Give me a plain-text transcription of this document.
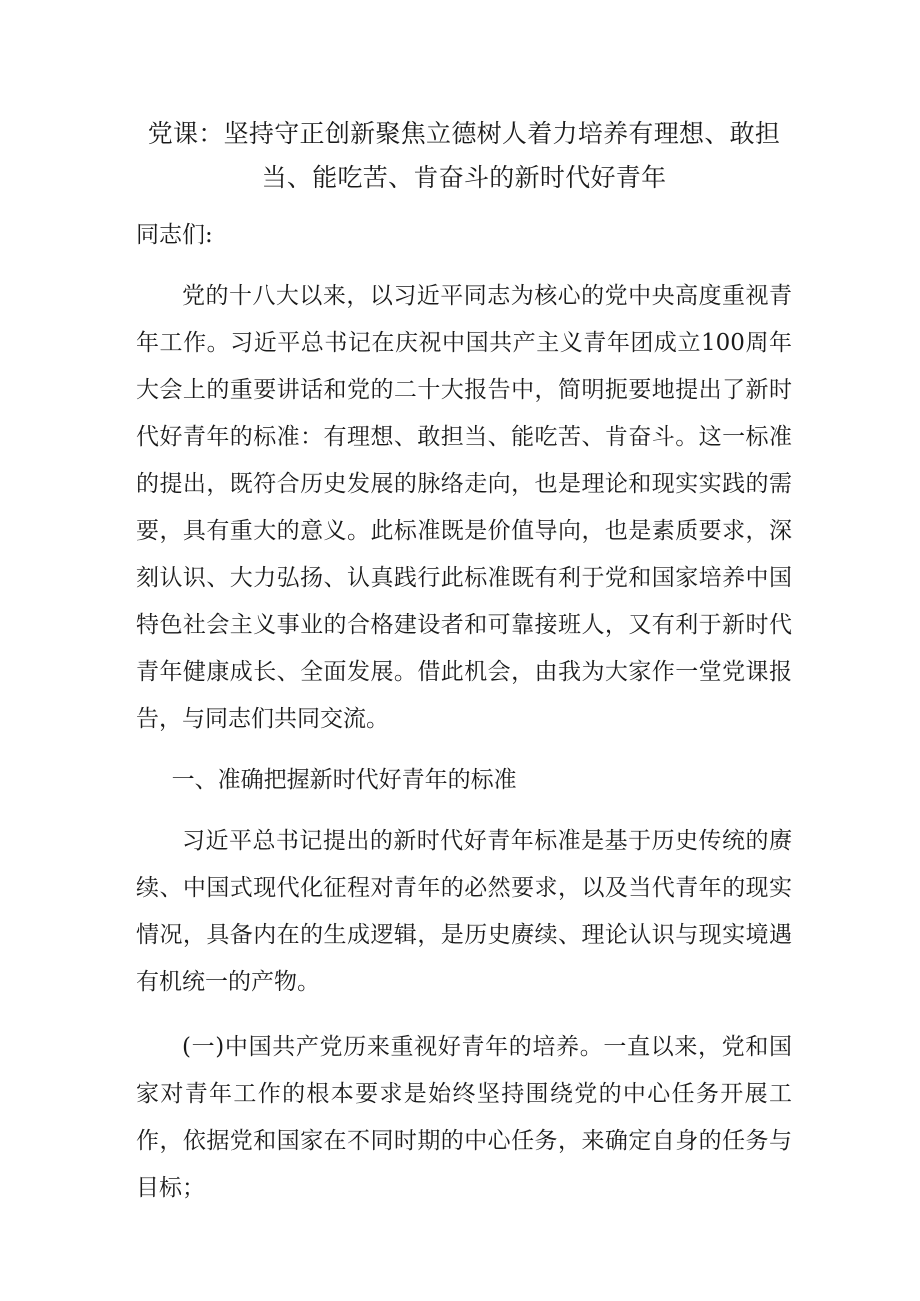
党课：坚持守正创新聚焦立德树人着力培养有理想、敢担当、能吃苦、肯奋斗的新时代好青年

同志们:

党的十八大以来，以习近平同志为核心的党中央高度重视青年工作。习近平总书记在庆祝中国共产主义青年团成立100周年大会上的重要讲话和党的二十大报告中，简明扼要地提出了新时代好青年的标准：有理想、敢担当、能吃苦、肯奋斗。这一标准的提出，既符合历史发展的脉络走向，也是理论和现实实践的需要，具有重大的意义。此标准既是价值导向，也是素质要求，深刻认识、大力弘扬、认真践行此标准既有利于党和国家培养中国特色社会主义事业的合格建设者和可靠接班人，又有利于新时代青年健康成长、全面发展。借此机会，由我为大家作一堂党课报告，与同志们共同交流。

一、准确把握新时代好青年的标准

习近平总书记提出的新时代好青年标准是基于历史传统的赓续、中国式现代化征程对青年的必然要求，以及当代青年的现实情况，具备内在的生成逻辑，是历史赓续、理论认识与现实境遇有机统一的产物。

(一)中国共产党历来重视好青年的培养。一直以来，党和国家对青年工作的根本要求是始终坚持围绕党的中心任务开展工作，依据党和国家在不同时期的中心任务，来确定自身的任务与目标；
